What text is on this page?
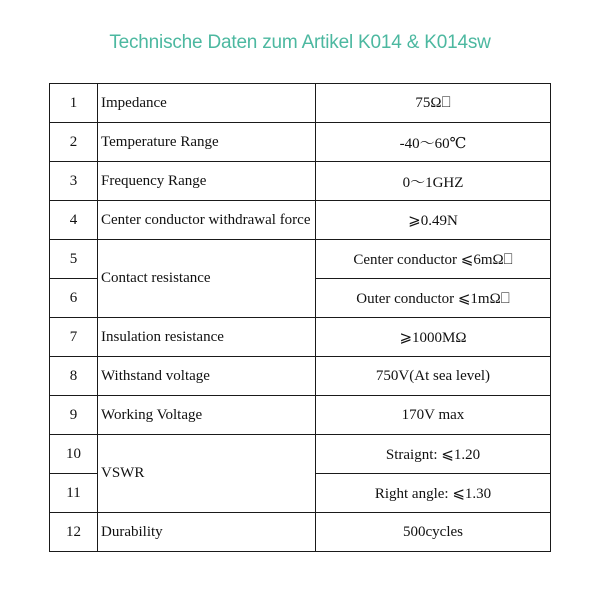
Technische Daten zum Artikel K014 & K014sw
1	Impedance	75Ω⎕
2	Temperature Range	-40～60℃
3	Frequency Range	0～1GHZ
4	Center conductor withdrawal force	⩾0.49N
5	Contact resistance	Center conductor ⩽6mΩ⎕
6		Outer conductor ⩽1mΩ⎕
7	Insulation resistance	⩾1000MΩ
8	Withstand voltage	750V(At sea level)
9	Working Voltage	170V max
10	VSWR	Straignt: ⩽1.20
11		Right angle: ⩽1.30
12	Durability	500cycles
